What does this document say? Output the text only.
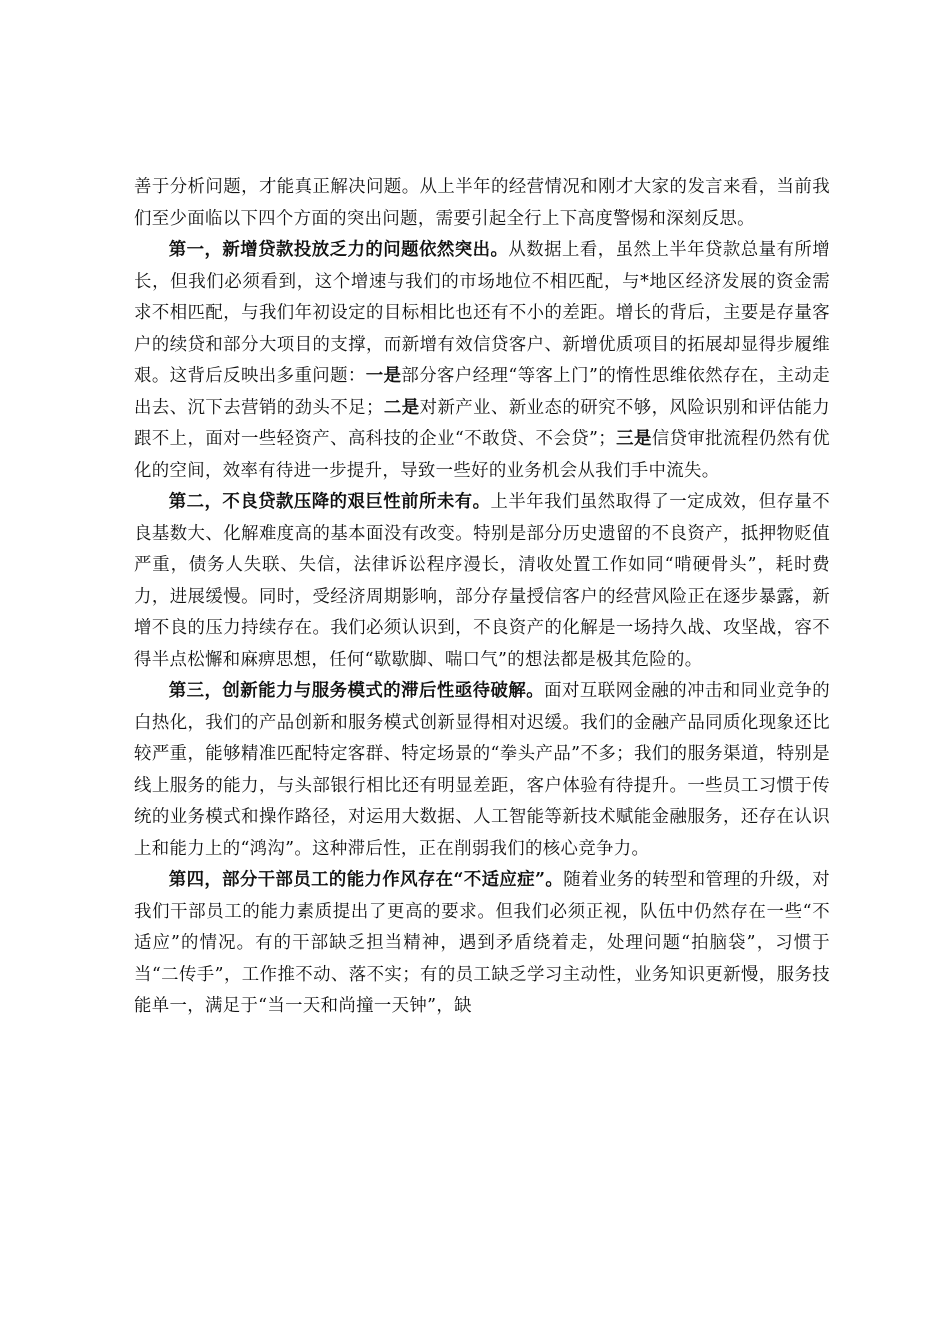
善于分析问题，才能真正解决问题。从上半年的经营情况和刚才大家的发言来看，当前我们至少面临以下四个方面的突出问题，需要引起全行上下高度警惕和深刻反思。

第一，新增贷款投放乏力的问题依然突出。从数据上看，虽然上半年贷款总量有所增长，但我们必须看到，这个增速与我们的市场地位不相匹配，与*地区经济发展的资金需求不相匹配，与我们年初设定的目标相比也还有不小的差距。增长的背后，主要是存量客户的续贷和部分大项目的支撑，而新增有效信贷客户、新增优质项目的拓展却显得步履维艰。这背后反映出多重问题：一是部分客户经理“等客上门”的惰性思维依然存在，主动走出去、沉下去营销的劲头不足；二是对新产业、新业态的研究不够，风险识别和评估能力跟不上，面对一些轻资产、高科技的企业“不敢贷、不会贷”；三是信贷审批流程仍然有优化的空间，效率有待进一步提升，导致一些好的业务机会从我们手中流失。

第二，不良贷款压降的艰巨性前所未有。上半年我们虽然取得了一定成效，但存量不良基数大、化解难度高的基本面没有改变。特别是部分历史遗留的不良资产，抵押物贬值严重，债务人失联、失信，法律诉讼程序漫长，清收处置工作如同“啃硬骨头”，耗时费力，进展缓慢。同时，受经济周期影响，部分存量授信客户的经营风险正在逐步暴露，新增不良的压力持续存在。我们必须认识到，不良资产的化解是一场持久战、攻坚战，容不得半点松懈和麻痹思想，任何“歇歇脚、喘口气”的想法都是极其危险的。

第三，创新能力与服务模式的滞后性亟待破解。面对互联网金融的冲击和同业竞争的白热化，我们的产品创新和服务模式创新显得相对迟缓。我们的金融产品同质化现象还比较严重，能够精准匹配特定客群、特定场景的“拳头产品”不多；我们的服务渠道，特别是线上服务的能力，与头部银行相比还有明显差距，客户体验有待提升。一些员工习惯于传统的业务模式和操作路径，对运用大数据、人工智能等新技术赋能金融服务，还存在认识上和能力上的“鸿沟”。这种滞后性，正在削弱我们的核心竞争力。

第四，部分干部员工的能力作风存在“不适应症”。随着业务的转型和管理的升级，对我们干部员工的能力素质提出了更高的要求。但我们必须正视，队伍中仍然存在一些“不适应”的情况。有的干部缺乏担当精神，遇到矛盾绕着走，处理问题“拍脑袋”，习惯于当“二传手”，工作推不动、落不实；有的员工缺乏学习主动性，业务知识更新慢，服务技能单一，满足于“当一天和尚撞一天钟”，缺
